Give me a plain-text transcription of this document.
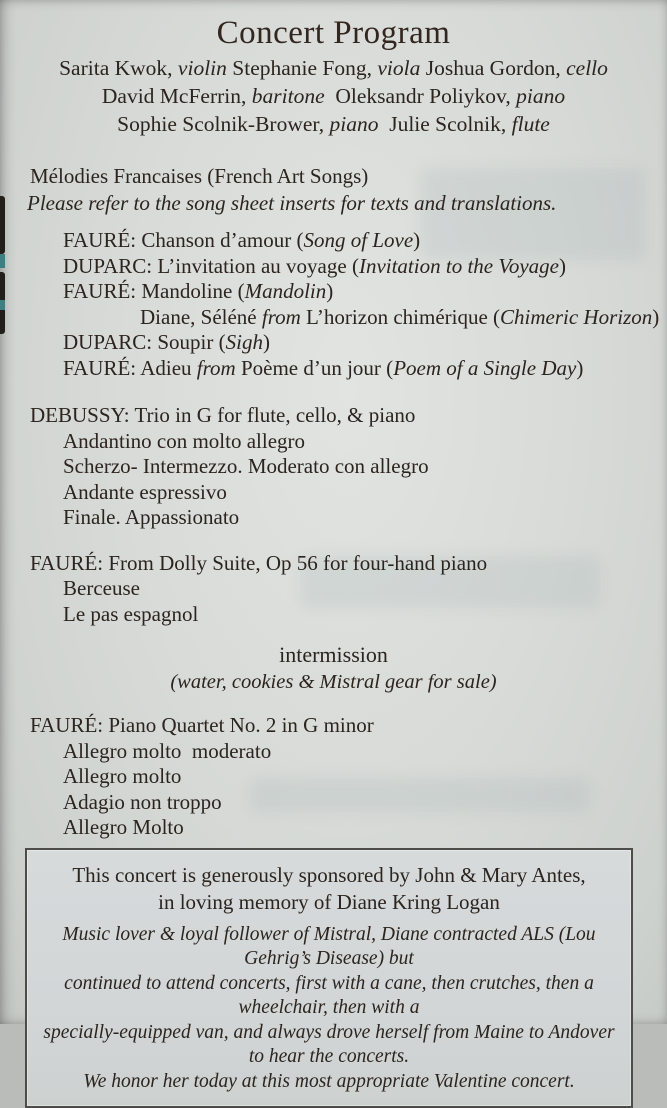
Concert Program
Sarita Kwok, violin Stephanie Fong, viola Joshua Gordon, cello
David McFerrin, baritone  Oleksandr Poliykov, piano
Sophie Scolnik-Brower, piano  Julie Scolnik, flute
Mélodies Francaises (French Art Songs)
Please refer to the song sheet inserts for texts and translations.
FAURÉ: Chanson d’amour (Song of Love)
DUPARC: L’invitation au voyage (Invitation to the Voyage)
FAURÉ: Mandoline (Mandolin)
Diane, Séléné from L’horizon chimérique (Chimeric Horizon)
DUPARC: Soupir (Sigh)
FAURÉ: Adieu from Poème d’un jour (Poem of a Single Day)
DEBUSSY: Trio in G for flute, cello, & piano
Andantino con molto allegro
Scherzo- Intermezzo. Moderato con allegro
Andante espressivo
Finale. Appassionato
FAURÉ: From Dolly Suite, Op 56 for four-hand piano
Berceuse
Le pas espagnol
intermission
(water, cookies & Mistral gear for sale)
FAURÉ: Piano Quartet No. 2 in G minor
Allegro molto  moderato
Allegro molto
Adagio non troppo
Allegro Molto
This concert is generously sponsored by John & Mary Antes,
in loving memory of Diane Kring Logan
Music lover & loyal follower of Mistral, Diane contracted ALS (Lou Gehrig’s Disease) but
continued to attend concerts, first with a cane, then crutches, then a wheelchair, then with a
specially-equipped van, and always drove herself from Maine to Andover to hear the concerts.
We honor her today at this most appropriate Valentine concert.
